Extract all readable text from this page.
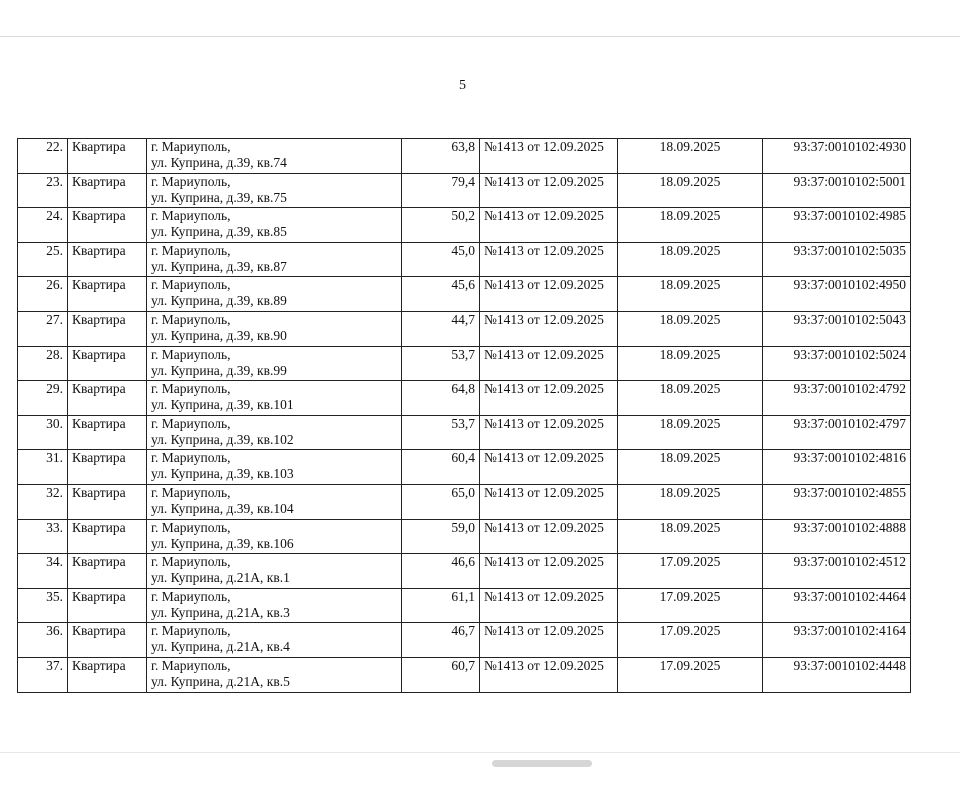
5
22.	Квартира	г. Мариуполь,
ул. Куприна, д.39, кв.74	63,8	№1413 от 12.09.2025	18.09.2025	93:37:0010102:4930
23.	Квартира	г. Мариуполь,
ул. Куприна, д.39, кв.75	79,4	№1413 от 12.09.2025	18.09.2025	93:37:0010102:5001
24.	Квартира	г. Мариуполь,
ул. Куприна, д.39, кв.85	50,2	№1413 от 12.09.2025	18.09.2025	93:37:0010102:4985
25.	Квартира	г. Мариуполь,
ул. Куприна, д.39, кв.87	45,0	№1413 от 12.09.2025	18.09.2025	93:37:0010102:5035
26.	Квартира	г. Мариуполь,
ул. Куприна, д.39, кв.89	45,6	№1413 от 12.09.2025	18.09.2025	93:37:0010102:4950
27.	Квартира	г. Мариуполь,
ул. Куприна, д.39, кв.90	44,7	№1413 от 12.09.2025	18.09.2025	93:37:0010102:5043
28.	Квартира	г. Мариуполь,
ул. Куприна, д.39, кв.99	53,7	№1413 от 12.09.2025	18.09.2025	93:37:0010102:5024
29.	Квартира	г. Мариуполь,
ул. Куприна, д.39, кв.101	64,8	№1413 от 12.09.2025	18.09.2025	93:37:0010102:4792
30.	Квартира	г. Мариуполь,
ул. Куприна, д.39, кв.102	53,7	№1413 от 12.09.2025	18.09.2025	93:37:0010102:4797
31.	Квартира	г. Мариуполь,
ул. Куприна, д.39, кв.103	60,4	№1413 от 12.09.2025	18.09.2025	93:37:0010102:4816
32.	Квартира	г. Мариуполь,
ул. Куприна, д.39, кв.104	65,0	№1413 от 12.09.2025	18.09.2025	93:37:0010102:4855
33.	Квартира	г. Мариуполь,
ул. Куприна, д.39, кв.106	59,0	№1413 от 12.09.2025	18.09.2025	93:37:0010102:4888
34.	Квартира	г. Мариуполь,
ул. Куприна, д.21А, кв.1	46,6	№1413 от 12.09.2025	17.09.2025	93:37:0010102:4512
35.	Квартира	г. Мариуполь,
ул. Куприна, д.21А, кв.3	61,1	№1413 от 12.09.2025	17.09.2025	93:37:0010102:4464
36.	Квартира	г. Мариуполь,
ул. Куприна, д.21А, кв.4	46,7	№1413 от 12.09.2025	17.09.2025	93:37:0010102:4164
37.	Квартира	г. Мариуполь,
ул. Куприна, д.21А, кв.5	60,7	№1413 от 12.09.2025	17.09.2025	93:37:0010102:4448
